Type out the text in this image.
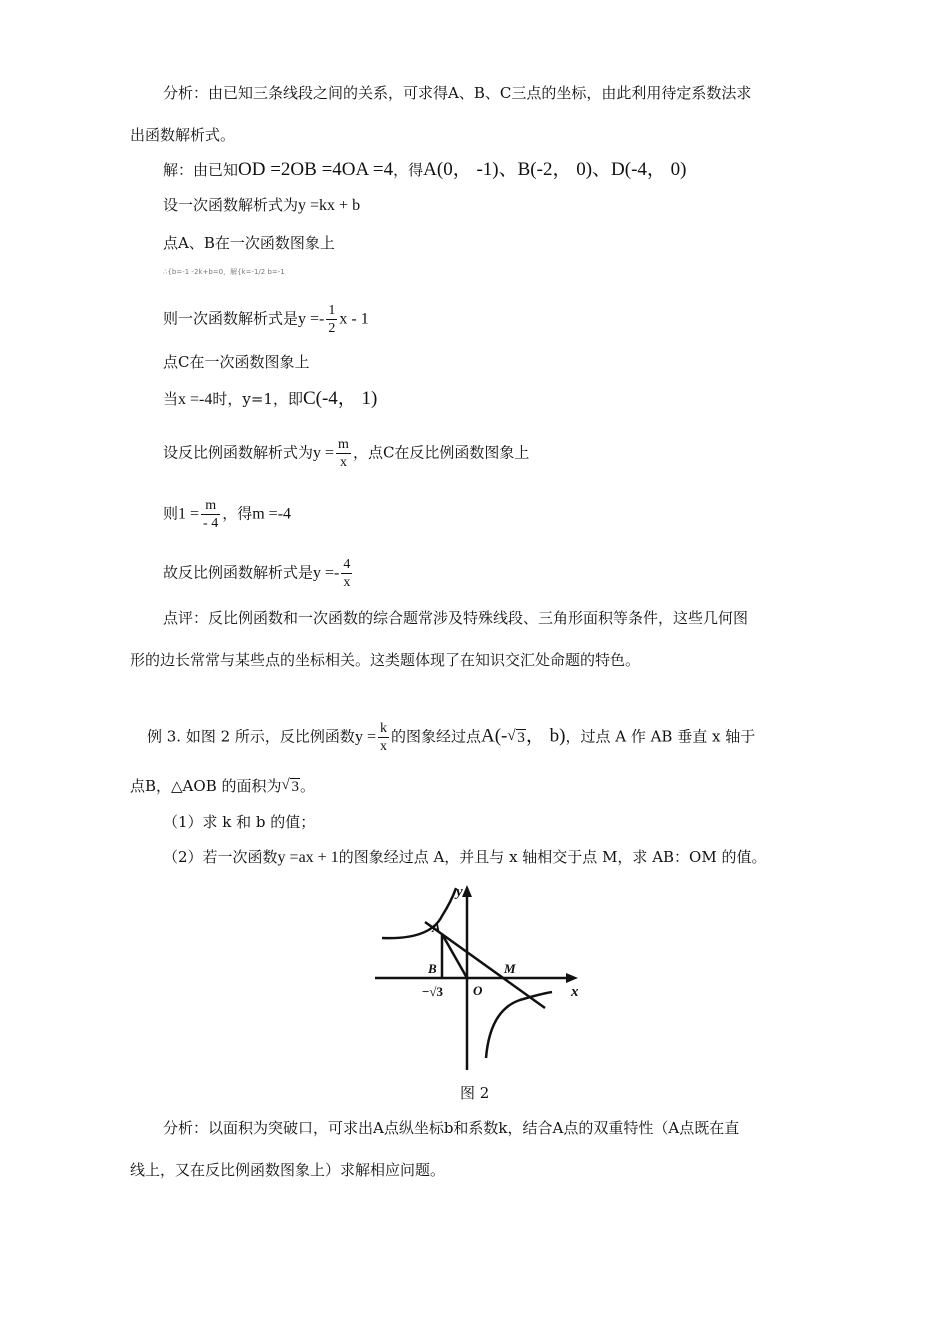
分析：由已知三条线段之间的关系，可求得A、B、C三点的坐标，由此利用待定系数法求
出函数解析式。
解：由已知OD =2OB =4OA =4，得A(0， -1)、B(-2， 0)、D(-4， 0)
设一次函数解析式为y =kx + b
点A、B在一次函数图象上
∴{b=-1 -2k+b=0，解{k=-1/2 b=-1
则一次函数解析式是$y =- \frac{1}{2}$ x - 1
点C在一次函数图象上
当x =-4时，y=1，即C(-4， 1)
设反比例函数解析式为$y = \frac{m}{x}$ ，点C在反比例函数图象上
则$1 = \frac{m}{- 4}$ ，得m =-4
故反比例函数解析式是$y =- \frac{4}{x}$
点评：反比例函数和一次函数的综合题常涉及特殊线段、三角形面积等条件，这些几何图
形的边长常常与某些点的坐标相关。这类题体现了在知识交汇处命题的特色。
例 3. 如图 2 所示，反比例函数$y = \frac{k}{x}$ 的图象经过点A(- √ 3， b)，过点 A 作 AB 垂直 x 轴于
点B，△AOB 的面积为 √ 3。
（1）求 k 和 b 的值；
（2）若一次函数y =ax + 1的图象经过点 A，并且与 x 轴相交于点 M，求 AB：OM 的值。
y
x
A
B	M
O
−√3
图 2
分析：以面积为突破口，可求出A点纵坐标b和系数k，结合A点的双重特性（A点既在直
线上，又在反比例函数图象上）求解相应问题。
